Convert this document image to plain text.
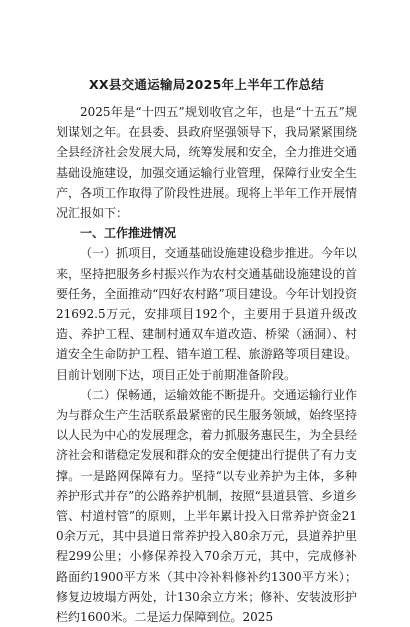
XX县交通运输局2025年上半年工作总结

2025年是“十四五”规划收官之年，也是“十五五”规划谋划之年。在县委、县政府坚强领导下，我局紧紧围绕全县经济社会发展大局，统筹发展和安全，全力推进交通基础设施建设，加强交通运输行业管理，保障行业安全生产，各项工作取得了阶段性进展。现将上半年工作开展情况汇报如下：

一、工作推进情况

（一）抓项目，交通基础设施建设稳步推进。今年以来，坚持把服务乡村振兴作为农村交通基础设施建设的首要任务，全面推动“四好农村路”项目建设。今年计划投资21692.5万元，安排项目192个，主要用于县道升级改造、养护工程、建制村通双车道改造、桥梁（涵洞）、村道安全生命防护工程、错车道工程、旅游路等项目建设。目前计划刚下达，项目正处于前期准备阶段。

（二）保畅通，运输效能不断提升。交通运输行业作为与群众生产生活联系最紧密的民生服务领域，始终坚持以人民为中心的发展理念，着力抓服务惠民生，为全县经济社会和谐稳定发展和群众的安全便捷出行提供了有力支撑。一是路网保障有力。坚持“以专业养护为主体，多种养护形式并存”的公路养护机制，按照“县道县管、乡道乡管、村道村管”的原则，上半年累计投入日常养护资金210余万元，其中县道日常养护投入80余万元，县道养护里程299公里；小修保养投入70余万元，其中，完成修补路面约1900平方米（其中冷补料修补约1300平方米）；修复边坡塌方两处，计130余立方米；修补、安装波形护栏约1600米。二是运力保障到位。2025
